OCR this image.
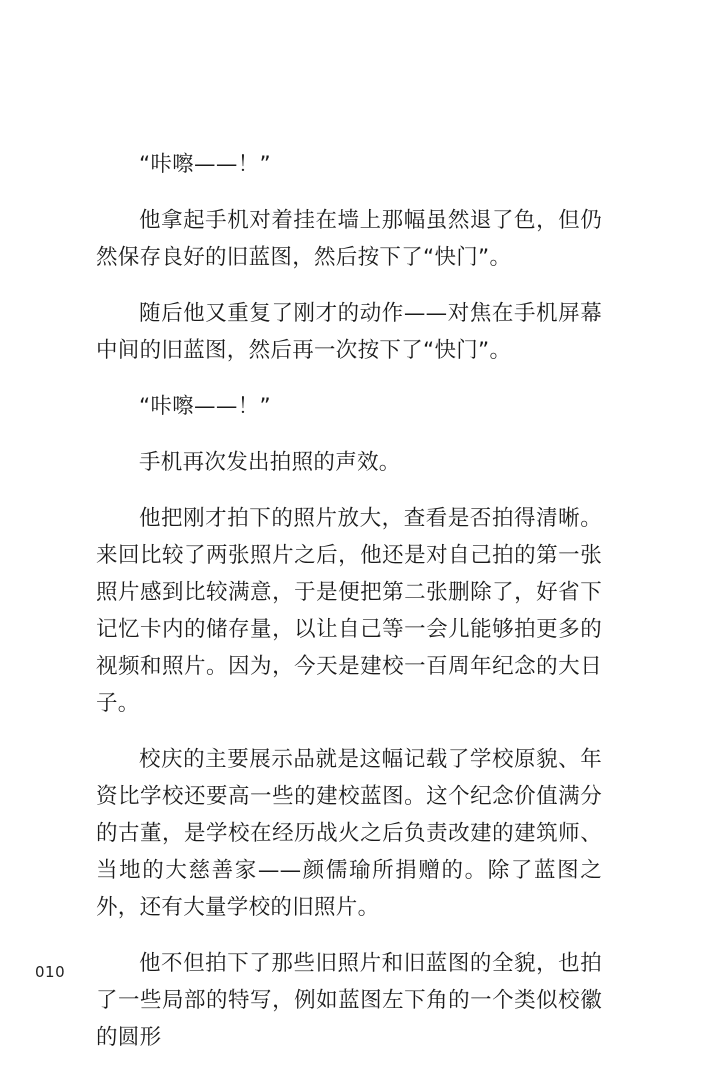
“咔嚓——！”

他拿起手机对着挂在墙上那幅虽然退了色，但仍然保存良好的旧蓝图，然后按下了“快门”。

随后他又重复了刚才的动作——对焦在手机屏幕中间的旧蓝图，然后再一次按下了“快门”。

“咔嚓——！”

手机再次发出拍照的声效。

他把刚才拍下的照片放大，查看是否拍得清晰。来回比较了两张照片之后，他还是对自己拍的第一张照片感到比较满意，于是便把第二张删除了，好省下记忆卡内的储存量，以让自己等一会儿能够拍更多的视频和照片。因为，今天是建校一百周年纪念的大日子。

校庆的主要展示品就是这幅记载了学校原貌、年资比学校还要高一些的建校蓝图。这个纪念价值满分的古董，是学校在经历战火之后负责改建的建筑师、当地的大慈善家——颜儒瑜所捐赠的。除了蓝图之外，还有大量学校的旧照片。

他不但拍下了那些旧照片和旧蓝图的全貌，也拍了一些局部的特写，例如蓝图左下角的一个类似校徽的圆形

010
